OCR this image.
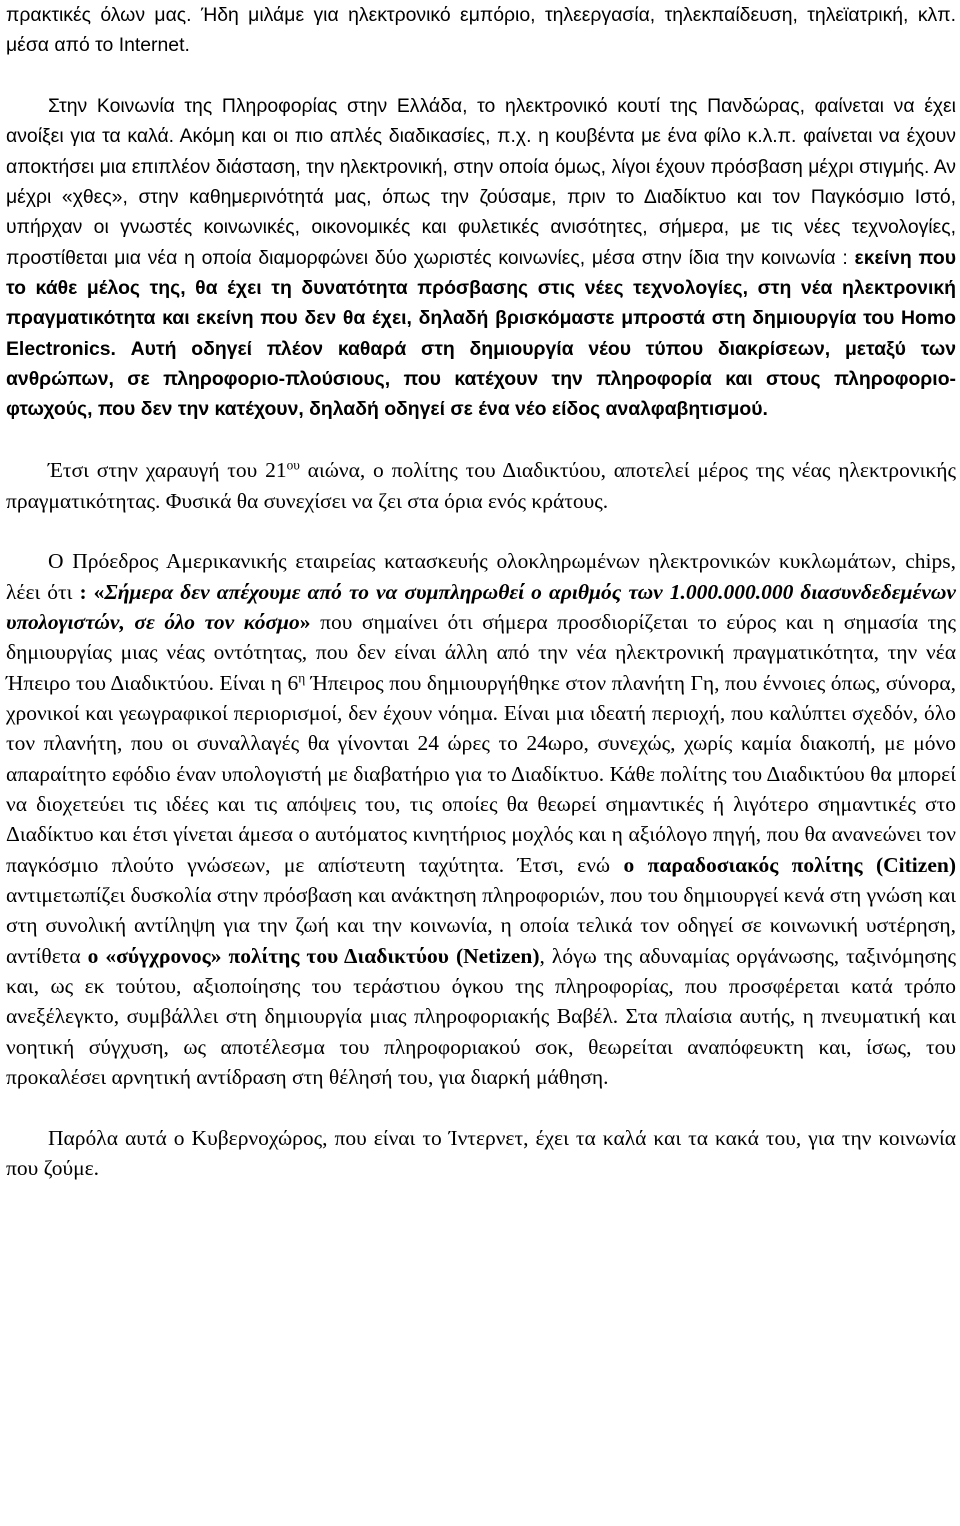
πρακτικές όλων μας. Ήδη μιλάμε για ηλεκτρονικό εμπόριο, τηλεεργασία, τηλεκπαίδευση, τηλεϊατρική, κλπ. μέσα από το Internet.

Στην Κοινωνία της Πληροφορίας στην Ελλάδα, το ηλεκτρονικό κουτί της Πανδώρας, φαίνεται να έχει ανοίξει για τα καλά. Ακόμη και οι πιο απλές διαδικασίες, π.χ. η κουβέντα με ένα φίλο κ.λ.π. φαίνεται να έχουν αποκτήσει μια επιπλέον διάσταση, την ηλεκτρονική, στην οποία όμως, λίγοι έχουν πρόσβαση μέχρι στιγμής. Αν μέχρι «χθες», στην καθημερινότητά μας, όπως την ζούσαμε, πριν το Διαδίκτυο και τον Παγκόσμιο Ιστό, υπήρχαν οι γνωστές κοινωνικές, οικονομικές και φυλετικές ανισότητες, σήμερα, με τις νέες τεχνολογίες, προστίθεται μια νέα η οποία διαμορφώνει δύο χωριστές κοινωνίες, μέσα στην ίδια την κοινωνία : εκείνη που το κάθε μέλος της, θα έχει τη δυνατότητα πρόσβασης στις νέες τεχνολογίες, στη νέα ηλεκτρονική πραγματικότητα και εκείνη που δεν θα έχει, δηλαδή βρισκόμαστε μπροστά στη δημιουργία του Homo Electronics. Αυτή οδηγεί πλέον καθαρά στη δημιουργία νέου τύπου διακρίσεων, μεταξύ των ανθρώπων, σε πληροφοριο-πλούσιους, που κατέχουν την πληροφορία και στους πληροφοριο-φτωχούς, που δεν την κατέχουν, δηλαδή οδηγεί σε ένα νέο είδος αναλφαβητισμού.

Έτσι στην χαραυγή του $21^{o\upsilon}$ αιώνα, ο πολίτης του Διαδικτύου, αποτελεί μέρος της νέας ηλεκτρονικής πραγματικότητας. Φυσικά θα συνεχίσει να ζει στα όρια ενός κράτους.

Ο Πρόεδρος Αμερικανικής εταιρείας κατασκευής ολοκληρωμένων ηλεκτρονικών κυκλωμάτων, chips, λέει ότι : «Σήμερα δεν απέχουμε από το να συμπληρωθεί ο αριθμός των 1.000.000.000 διασυνδεδεμένων υπολογιστών, σε όλο τον κόσμο» που σημαίνει ότι σήμερα προσδιορίζεται το εύρος και η σημασία της δημιουργίας μιας νέας οντότητας, που δεν είναι άλλη από την νέα ηλεκτρονική πραγματικότητα, την νέα Ήπειρο του Διαδικτύου. Είναι η $6^\eta$ Ήπειρος που δημιουργήθηκε στον πλανήτη Γη, που έννοιες όπως, σύνορα, χρονικοί και γεωγραφικοί περιορισμοί, δεν έχουν νόημα. Είναι μια ιδεατή περιοχή, που καλύπτει σχεδόν, όλο τον πλανήτη, που οι συναλλαγές θα γίνονται 24 ώρες το 24ωρο, συνεχώς, χωρίς καμία διακοπή, με μόνο απαραίτητο εφόδιο έναν υπολογιστή με διαβατήριο για το Διαδίκτυο. Κάθε πολίτης του Διαδικτύου θα μπορεί να διοχετεύει τις ιδέες και τις απόψεις του, τις οποίες θα θεωρεί σημαντικές ή λιγότερο σημαντικές στο Διαδίκτυο και έτσι γίνεται άμεσα ο αυτόματος κινητήριος μοχλός και η αξιόλογο πηγή, που θα ανανεώνει τον παγκόσμιο πλούτο γνώσεων, με απίστευτη ταχύτητα. Έτσι, ενώ ο παραδοσιακός πολίτης (Citizen) αντιμετωπίζει δυσκολία στην πρόσβαση και ανάκτηση πληροφοριών, που του δημιουργεί κενά στη γνώση και στη συνολική αντίληψη για την ζωή και την κοινωνία, η οποία τελικά τον οδηγεί σε κοινωνική υστέρηση, αντίθετα ο «σύγχρονος» πολίτης του Διαδικτύου (Netizen), λόγω της αδυναμίας οργάνωσης, ταξινόμησης και, ως εκ τούτου, αξιοποίησης του τεράστιου όγκου της πληροφορίας, που προσφέρεται κατά τρόπο ανεξέλεγκτο, συμβάλλει στη δημιουργία μιας πληροφοριακής Βαβέλ. Στα πλαίσια αυτής, η πνευματική και νοητική σύγχυση, ως αποτέλεσμα του πληροφοριακού σοκ, θεωρείται αναπόφευκτη και, ίσως, του προκαλέσει αρνητική αντίδραση στη θέλησή του, για διαρκή μάθηση.

Παρόλα αυτά ο Κυβερνοχώρος, που είναι το Ίντερνετ, έχει τα καλά και τα κακά του, για την κοινωνία που ζούμε.
